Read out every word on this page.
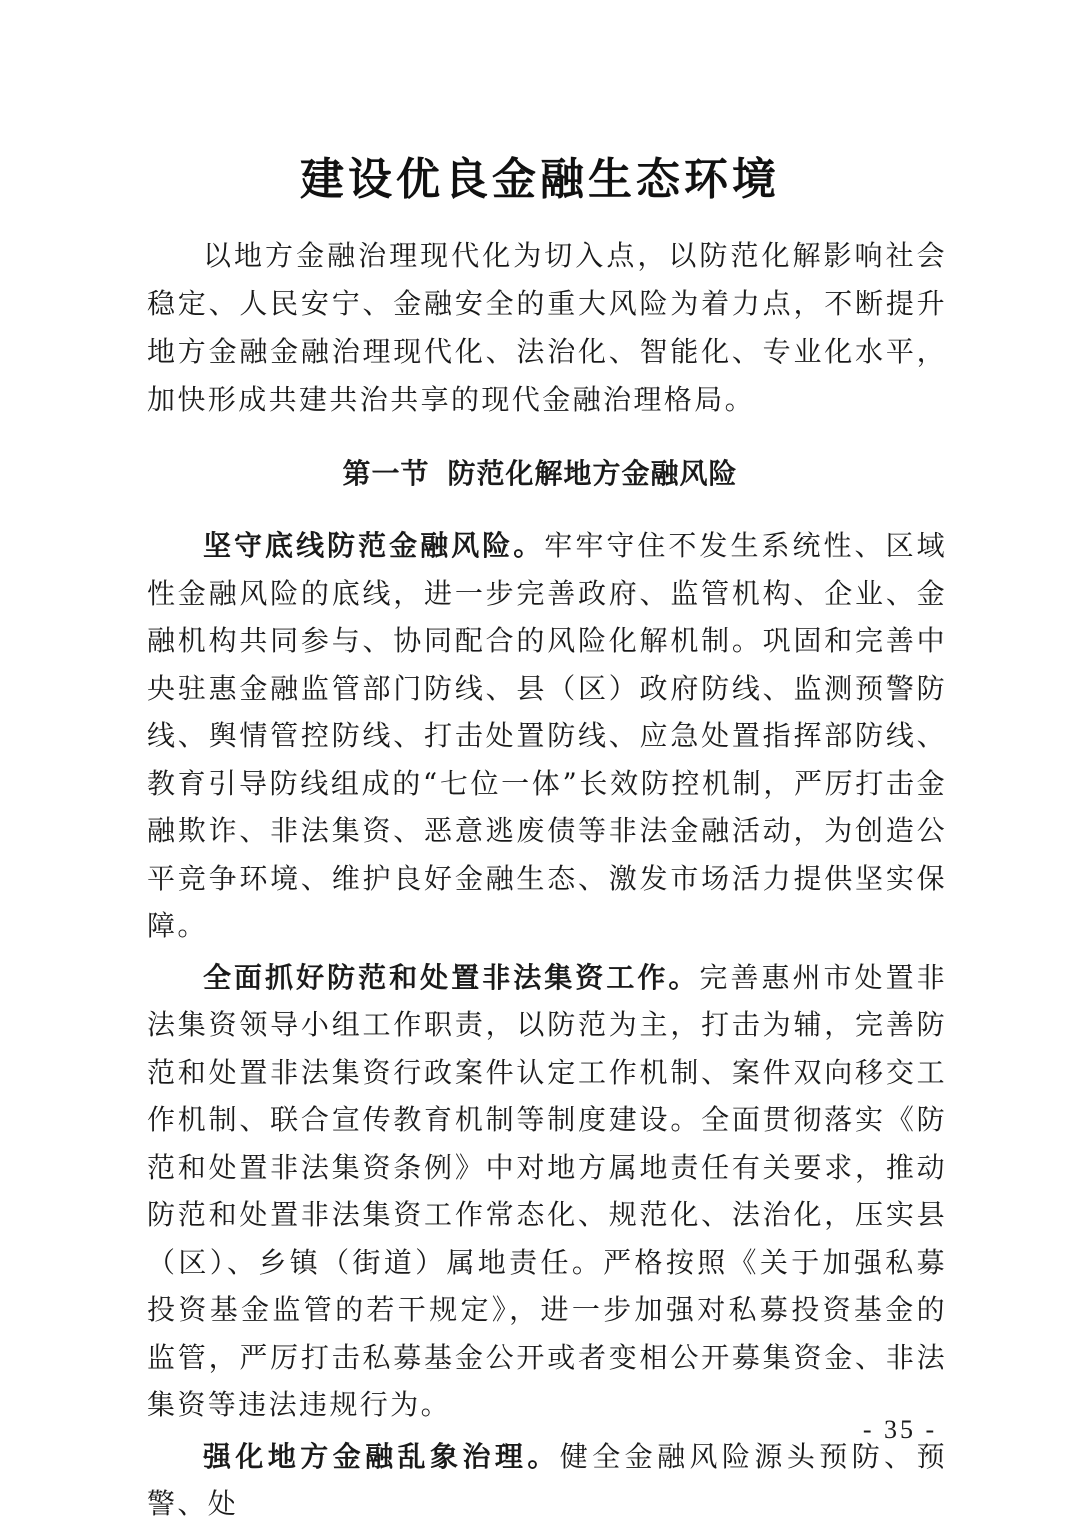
建设优良金融生态环境

以地方金融治理现代化为切入点，以防范化解影响社会稳定、人民安宁、金融安全的重大风险为着力点，不断提升地方金融金融治理现代化、法治化、智能化、专业化水平，加快形成共建共治共享的现代金融治理格局。

第一节 防范化解地方金融风险

坚守底线防范金融风险。牢牢守住不发生系统性、区域性金融风险的底线，进一步完善政府、监管机构、企业、金融机构共同参与、协同配合的风险化解机制。巩固和完善中央驻惠金融监管部门防线、县（区）政府防线、监测预警防线、舆情管控防线、打击处置防线、应急处置指挥部防线、教育引导防线组成的“七位一体”长效防控机制，严厉打击金融欺诈、非法集资、恶意逃废债等非法金融活动，为创造公平竞争环境、维护良好金融生态、激发市场活力提供坚实保障。

全面抓好防范和处置非法集资工作。完善惠州市处置非法集资领导小组工作职责，以防范为主，打击为辅，完善防范和处置非法集资行政案件认定工作机制、案件双向移交工作机制、联合宣传教育机制等制度建设。全面贯彻落实《防范和处置非法集资条例》中对地方属地责任有关要求，推动防范和处置非法集资工作常态化、规范化、法治化，压实县（区）、乡镇（街道）属地责任。严格按照《关于加强私募投资基金监管的若干规定》，进一步加强对私募投资基金的监管，严厉打击私募基金公开或者变相公开募集资金、非法集资等违法违规行为。

强化地方金融乱象治理。健全金融风险源头预防、预警、处

- 35 -
